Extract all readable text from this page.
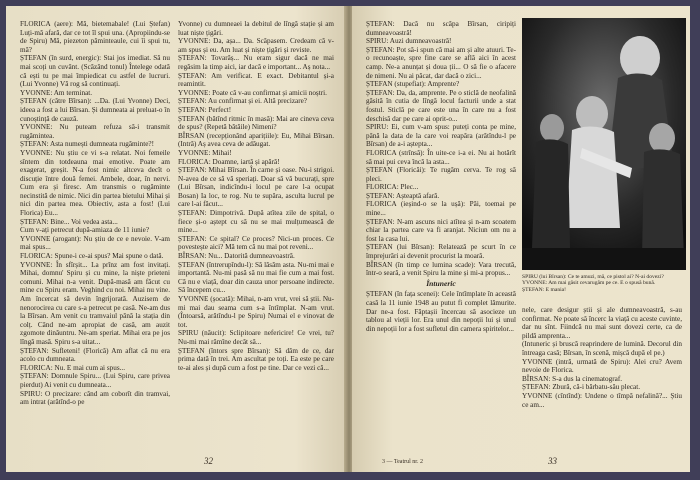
FLORICA (aere): Mă, bietemabale! (Lui Ștefan) Luți-mă afară, dar ce tot îl spui una. (Apropiindu-se de Spiru) Mă, piezeton păminteaule, cui îi spui tu, mă?

ȘTEFAN (în surd, energic): Stai jos imediat. Să nu mai scoți un cuvânt. (Scăzând tonul) Întelege odată că ești tu pe mai împiedicat cu astfel de lucruri. (Lui Yvonne) Vă rog să continuați.

YVONNE: Am terminat.

ȘTEFAN (către Bîrsan): ...Da. (Lui Yvonne) Deci, ideea a fost a lui Bîrsan. Și dumneata ai preluat-o în cunoștință de cauză.

YVONNE: Nu puteam refuza să-i transmit rugămintea.

ȘTEFAN: Asta numești dumneata rugăminte?!

YVONNE: Nu știu ce vi s-a relatat. Noi femeile sîntem din totdeauna mai emotive. Poate am exagerat, greșit. N-a fost nimic altceva decît o discuție între două femei. Ambele, doar, în nervi. Cum era și firesc. Am transmis o rugăminte necinstită de nimic. Nici din partea bietului Mihai și nici din partea mea. Obiectiv, asta a fost! (Lui Florica) Eu...

ȘTEFAN: Bine... Voi vedea asta...

Cum v-ați petrecut după-amiaza de 11 iunie?

YVONNE (arogant): Nu știu de ce e nevoie. V-am mai spus...

FLORICA: Spune-i ce-ai spus? Mai spune o dată.

YVONNE: În sfîrșit... La prînz am fost invitați. Mihai, domnu' Spiru și cu mine, la niște prieteni comuni. Mihai n-a venit. După-masă am făcut cu mine cu Spiru eram. Veghind cu noi. Mihai nu vine. Am încercat să devin îngrijorată. Auzisem de nenorocirea cu care s-a petrecut pe casă. Ne-am dus la Bîrsan. Am venit cu tramvaiul până la stația din colț. Când ne-am apropiat de casă, am auzit zgomote dinăuntru. Ne-am speriat. Mihai era pe jos lîngă masă. Spiru s-a uitat...

ȘTEFAN: Sufleteni! (Florică) Am aflat că nu era acolo cu dumneata.

FLORICA: Nu. E mai cum ai spus...

ȘTEFAN: Domnule Spiru... (Lui Spiru, care privea pierdut) Ai venit cu dumneata...

SPIRU: O precizare: când am coborît din tramvai, am intrat (arătînd-o pe

Yvonne) cu dumneaei la debitul de lîngă stație și am luat niște țigări.

YVONNE: Da, așa... Da. Scăpasem. Credeam că v-am spus și eu. Am luat și niște țigări și reviste.

ȘTEFAN: Tovarăș... Nu eram sigur dacă ne mai regăsim la timp aici, iar dacă e important... Aș nota...

ȘTEFAN: Am verificat. E exact. Debitantul și-a reamintit.

YVONNE: Poate că v-au confirmat și amicii noștri.

ȘTEFAN: Au confirmat și ei. Altă precizare?

ȘTEFAN: Perfect!

ȘTEFAN (bătînd ritmic în masă): Mai are cineva ceva de spus? (Repetă bătăile) Nimeni?

BÎRSAN (recepționând aparițiile): Eu, Mihai Bîrsan. (Intră) Aș avea ceva de adăugat.

YVONNE: Mihai!

FLORICA: Doamne, iartă și apără!

ȘTEFAN: Mihai Bîrsan. În carne și oase. Nu-i strigoi. N-avea de ce să vă speriați. Doar să vă bucurați, spre (Lui Bîrsan, indicîndu-i locul pe care l-a ocupat Bosan) Ia loc, te rog. Nu te supăra, asculta lucrul pe care l-ai făcut...

ȘTEFAN: Dimpotrivă. După atîtea zile de spital, o fiece și-o aștept cu să nu se mai mulțumească de mine...

ȘTEFAN: Ce spital? Ce proces? Nici-un proces. Ce povestește aici? Mă tem că nu mai pot reveni...

BÎRSAN: Nu... Datorită dumneavoastră.

ȘTEFAN (întrerupîndu-l): Să lăsăm asta. Nu-mi mai e importantă. Nu-mi pasă să nu mai fie cum a mai fost. Că nu e viață, doar din cauza unor persoane indirecte. Să începem cu...

YVONNE (șocată): Mihai, n-am vrut, vrei să știi. Nu-mi mai dau seama cum s-a întîmplat. N-am vrut. (Întoarsă, arătîndu-l pe Spiru) Numai el e vinovat de tot.

SPIRU (năucit): Sclipitoare nefericire! Ce vrei, tu? Nu-mi mai rămîne decât să...

ȘTEFAN (întors spre Bîrsan): Să dăm de ce, dar prima dată în trei. Am ascultat pe toți. Ea este pe care te-ai ales și după cum a fost pe tine. Dar ce vezi că...

32

ȘTEFAN: Dacă nu scăpa Bîrsan, ciripiți dumneavoastră!

SPIRU: Auzi dumneavoastră!

ȘTEFAN: Pot să-i spun că mai am și alte atuuri. Te-o recunoaște, spre fine care se află aici în acest camp. Ne-a anunțat și doua ții... O să fie o afacere de nimeni. Nu ai păcat, dar dacă o zici...

ȘTEFAN (stupefiat): Amprente?

ȘTEFAN: Da, da, amprente. Pe o sticlă de neofalină găsită în cutia de lîngă locul facturii unde a stat fostul. Sticlă pe care este una în care nu a fost deschisă dar pe care ai oprit-o...

SPIRU: Ei, cum v-am spus: puteți conta pe mine, până la data de la care voi reapăra (arătîndu-l pe Bîrsan) de a-i aștepta...

FLORICA (strînsă): În uite-ce i-a ei. Nu ai hotărît să mai pui ceva încă la asta...

ȘTEFAN (Floricăi): Te rugăm cerva. Te rog să pleci.

FLORICA: Plec...

ȘTEFAN: Așteaptă afară.

FLORICA (ieșind-o se la ușă): Păi, toemai pe mine...

ȘTEFAN: N-am ascuns nici atîtea și n-am scoatem chiar la partea care va fi aranjat. Niciun om nu a fost la casa lui.

ȘTEFAN (lui Bîrsan): Relatează pe scurt în ce împrejurări ai devenit procurist la moară.

BÎRSAN (în timp ce lumina scade): Vara trecută, într-o seară, a venit Spiru la mine și mi-a propus...

Întuneric

ȘTEFAN (în fața scenei): Cele întîmplate în această casă la 11 iunie 1948 au putut fi complet lămurite. Dar ne-a fost. Făptașii încercau să asocieze un tablou al vieții lor. Era unul din nepoții lui și unul din nepoții lor a fost sufletul din camera spiritelor...

SPIRU (lui Bîrsan): Ce te amuzi, mă, ce pistol ai? N-ai dovezi?
YVONNE: Am mai găsit cevarugăm pe ce. E o spusă bună.
ȘTEFAN: E mania!

nele, care desigur știi și ale dumneavoastră, s-au confirmat. Ne poate să încerc la viață cu aceste cuvinte, dar nu sînt. Fiindcă nu mai sunt dovezi certe, ca de pildă amprenta...

(Intuneric și bruscă reaprindere de lumină. Decorul din întreaga casă; Bîrsan, în scenă, mișcă după el pe.)

YVONNE (intră, urmată de Spiru): Alei cru? Avem nevoie de Florica.

BÎRSAN: S-a dus la cinematograf.

ȘTEFAN: Zbură, că-i bărbatu-său plecat.

YVONNE (cîntînd): Undene o tîmpă nefalină?... Știu ce am...

3 — Teatrul nr. 2	33
